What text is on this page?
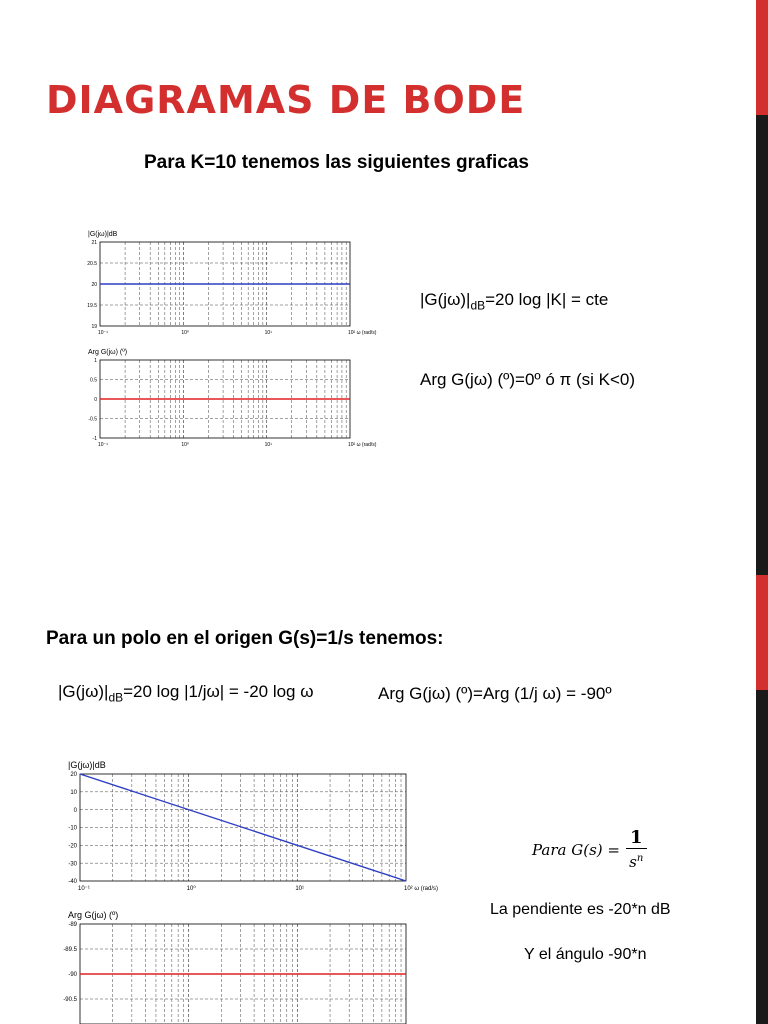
DIAGRAMAS DE BODE
Para K=10 tenemos las siguientes graficas
21
20.5
20
19.5
19
10⁻¹	10⁰	10¹	10² ω (rad/s)
|G(jω)|dB
1
0.5
0
-0.5
-1
10⁻¹	10⁰	10¹	10² ω (rad/s)
Arg G(jω) (º)
$|G(j\omega)|_{dB}=20$ log |K| = cte
Arg G(jω) (º)=0º ó π (si K<0)
Para un polo en el origen G(s)=1/s tenemos:
$|G(j\omega)|_{dB}=20$ log |1/jω| = -20 log ω	Arg G(jω) (º)=Arg (1/j ω) = -90º
20
10
0
-10
-20
-30
-40
10⁻¹	10⁰	10¹	10² ω (rad/s)
|G(jω)|dB
-89
-89.5
-90
-90.5
Arg G(jω) (º)
Para $G(s) = \frac{1}{s^n}$
La pendiente es -20*n dB
Y el ángulo -90*n
